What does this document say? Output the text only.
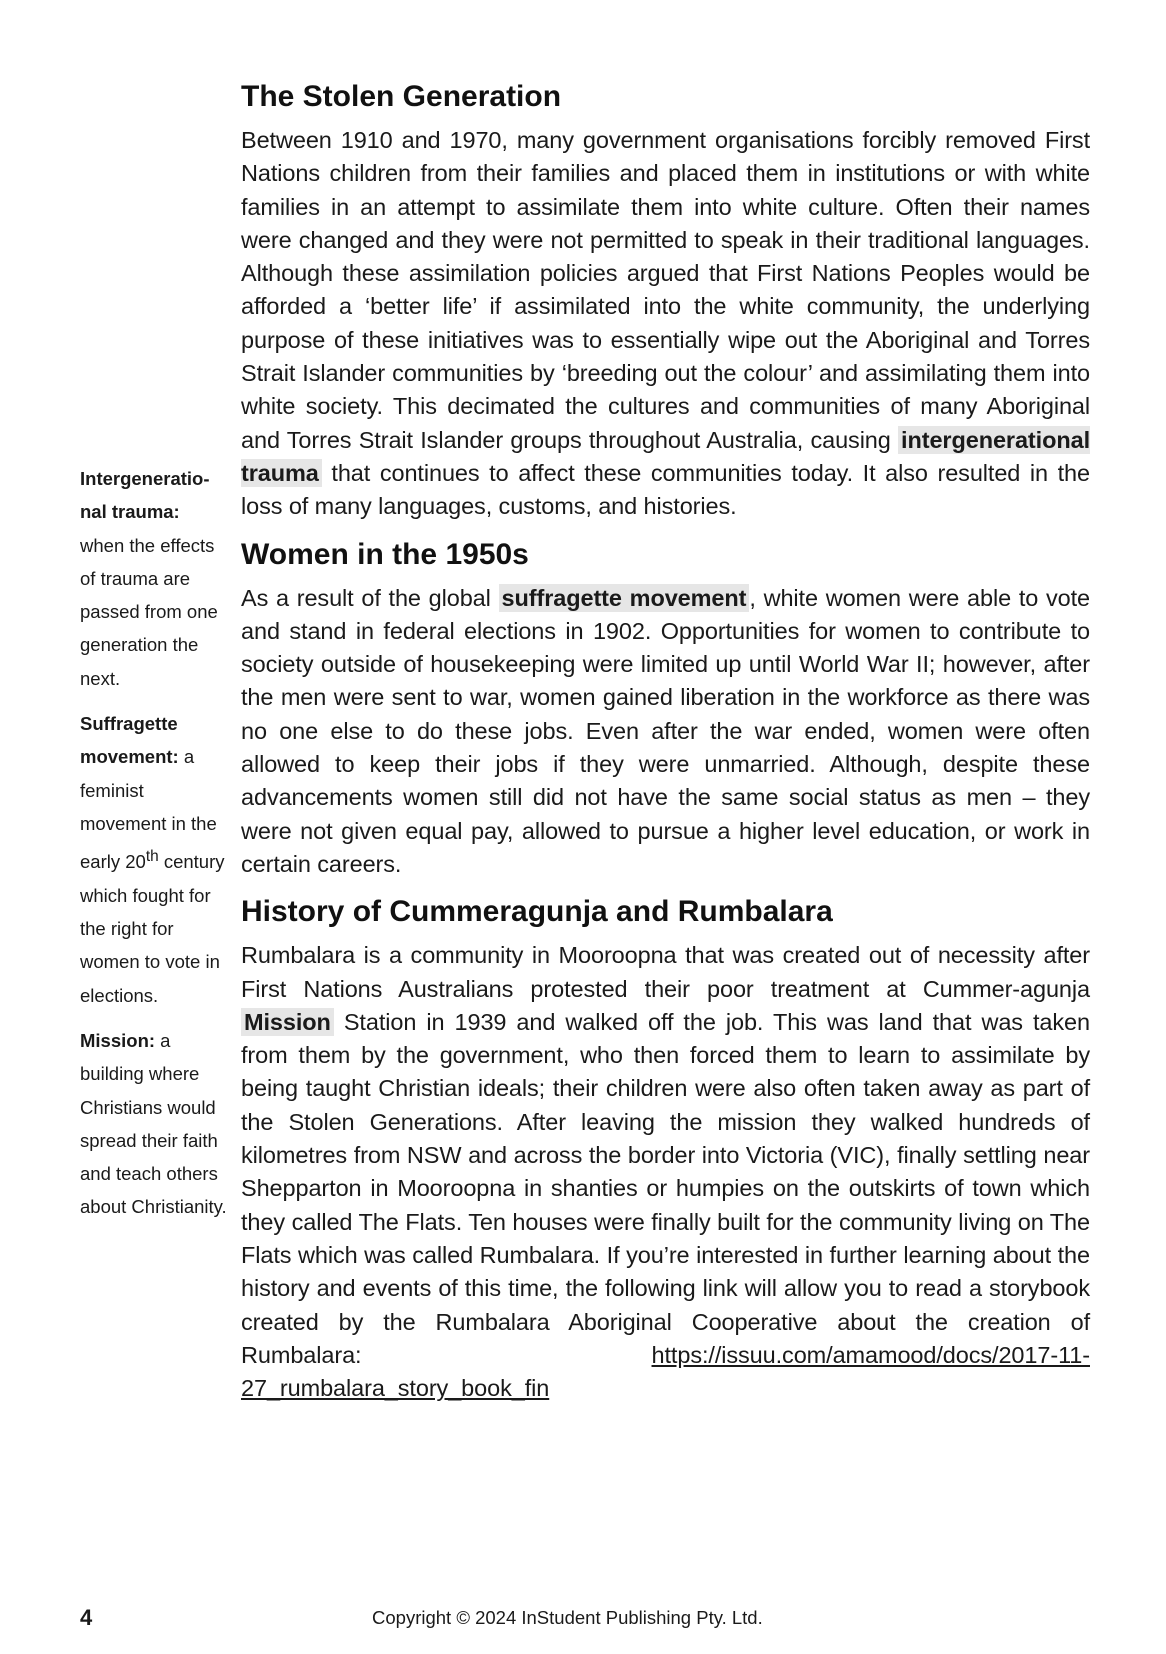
The Stolen Generation

Between 1910 and 1970, many government organisations forcibly removed First Nations children from their families and placed them in institutions or with white families in an attempt to assimilate them into white culture. Often their names were changed and they were not permitted to speak in their traditional languages. Although these assimilation policies argued that First Nations Peoples would be afforded a ‘better life’ if assimilated into the white community, the underlying purpose of these initiatives was to essentially wipe out the Aboriginal and Torres Strait Islander communities by ‘breeding out the colour’ and assimilating them into white society. This decimated the cultures and communities of many Aboriginal and Torres Strait Islander groups throughout Australia, causing intergenerational trauma that continues to affect these communities today. It also resulted in the loss of many languages, customs, and histories.

Women in the 1950s

As a result of the global suffragette movement , white women were able to vote and stand in federal elections in 1902. Opportunities for women to contribute to society outside of housekeeping were limited up until World War II; however, after the men were sent to war, women gained liberation in the workforce as there was no one else to do these jobs. Even after the war ended, women were often allowed to keep their jobs if they were unmarried. Although, despite these advancements women still did not have the same social status as men – they were not given equal pay, allowed to pursue a higher level education, or work in certain careers.

History of Cummeragunja and Rumbalara

Rumbalara is a community in Mooroopna that was created out of necessity after First Nations Australians protested their poor treatment at Cummer-agunja Mission Station in 1939 and walked off the job. This was land that was taken from them by the government, who then forced them to learn to assimilate by being taught Christian ideals; their children were also often taken away as part of the Stolen Generations. After leaving the mission they walked hundreds of kilometres from NSW and across the border into Victoria (VIC), finally settling near Shepparton in Mooroopna in shanties or humpies on the outskirts of town which they called The Flats. Ten houses were finally built for the community living on The Flats which was called Rumbalara. If you’re interested in further learning about the history and events of this time, the following link will allow you to read a storybook created by the Rumbalara Aboriginal Cooperative about the creation of Rumbalara:	https://issuu.com/amamood/docs/2017-11-27_rumbalara_story_book_fin

Intergeneratio-nal trauma: when the effects of trauma are passed from one generation the next.
Suffragette movement: a feminist movement in the early 20th century which fought for the right for women to vote in elections.
Mission: a building where Christians would spread their faith and teach others about Christianity.
4	Copyright © 2024 InStudent Publishing Pty. Ltd.
